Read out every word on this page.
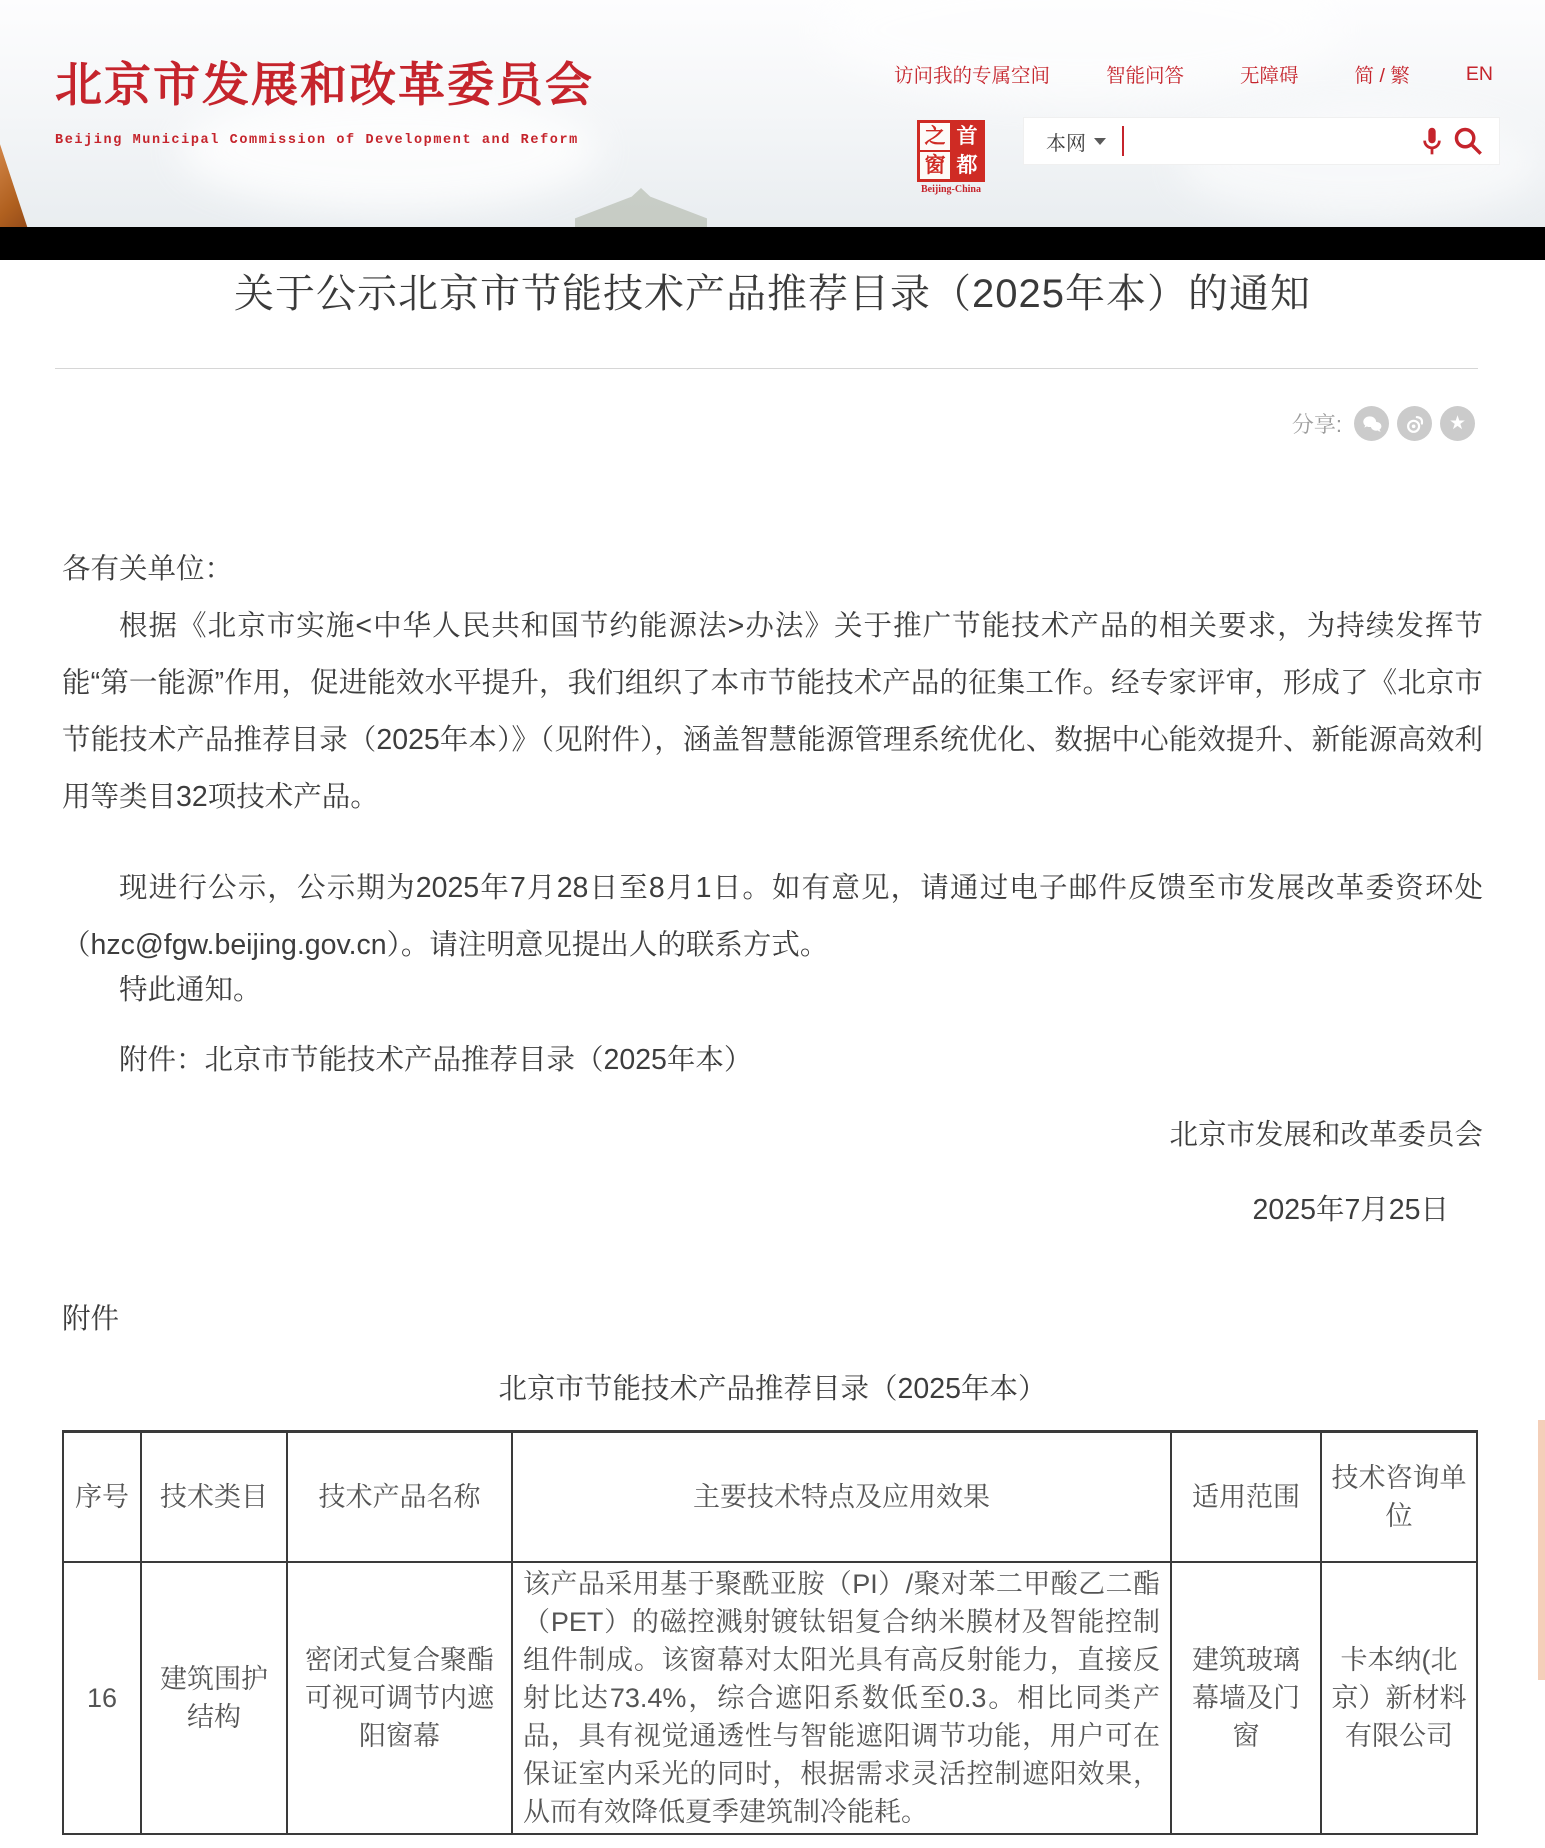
北京市发展和改革委员会
Beijing Municipal Commission of Development and Reform
访问我的专属空间	智能问答	无障碍	简 / 繁	EN
之 首
窗 都
Beijing-China
本网
关于公示北京市节能技术产品推荐目录（2025年本）的通知
分享:	★
各有关单位：
根据《北京市实施<中华人民共和国节约能源法>办法》关于推广节能技术产品的相关要求，为持续发挥节能“第一能源”作用，促进能效水平提升，我们组织了本市节能技术产品的征集工作。经专家评审，形成了《北京市节能技术产品推荐目录（2025年本）》（见附件），涵盖智慧能源管理系统优化、数据中心能效提升、新能源高效利用等类目32项技术产品。
现进行公示，公示期为2025年7月28日至8月1日。如有意见，请通过电子邮件反馈至市发展改革委资环处（hzc@fgw.beijing.gov.cn）。请注明意见提出人的联系方式。
特此通知。
附件：北京市节能技术产品推荐目录（2025年本）
北京市发展和改革委员会
2025年7月25日
附件
北京市节能技术产品推荐目录（2025年本）
序号	技术类目	技术产品名称	主要技术特点及应用效果	适用范围	技术咨询单位
16	建筑围护结构	密闭式复合聚酯可视可调节内遮阳窗幕	该产品采用基于聚酰亚胺（PI）/聚对苯二甲酸乙二酯（PET）的磁控溅射镀钛铝复合纳米膜材及智能控制组件制成。该窗幕对太阳光具有高反射能力，直接反射比达73.4%，综合遮阳系数低至0.3。相比同类产品，具有视觉通透性与智能遮阳调节功能，用户可在保证室内采光的同时，根据需求灵活控制遮阳效果，从而有效降低夏季建筑制冷能耗。	建筑玻璃幕墙及门窗	卡本纳(北京）新材料有限公司
